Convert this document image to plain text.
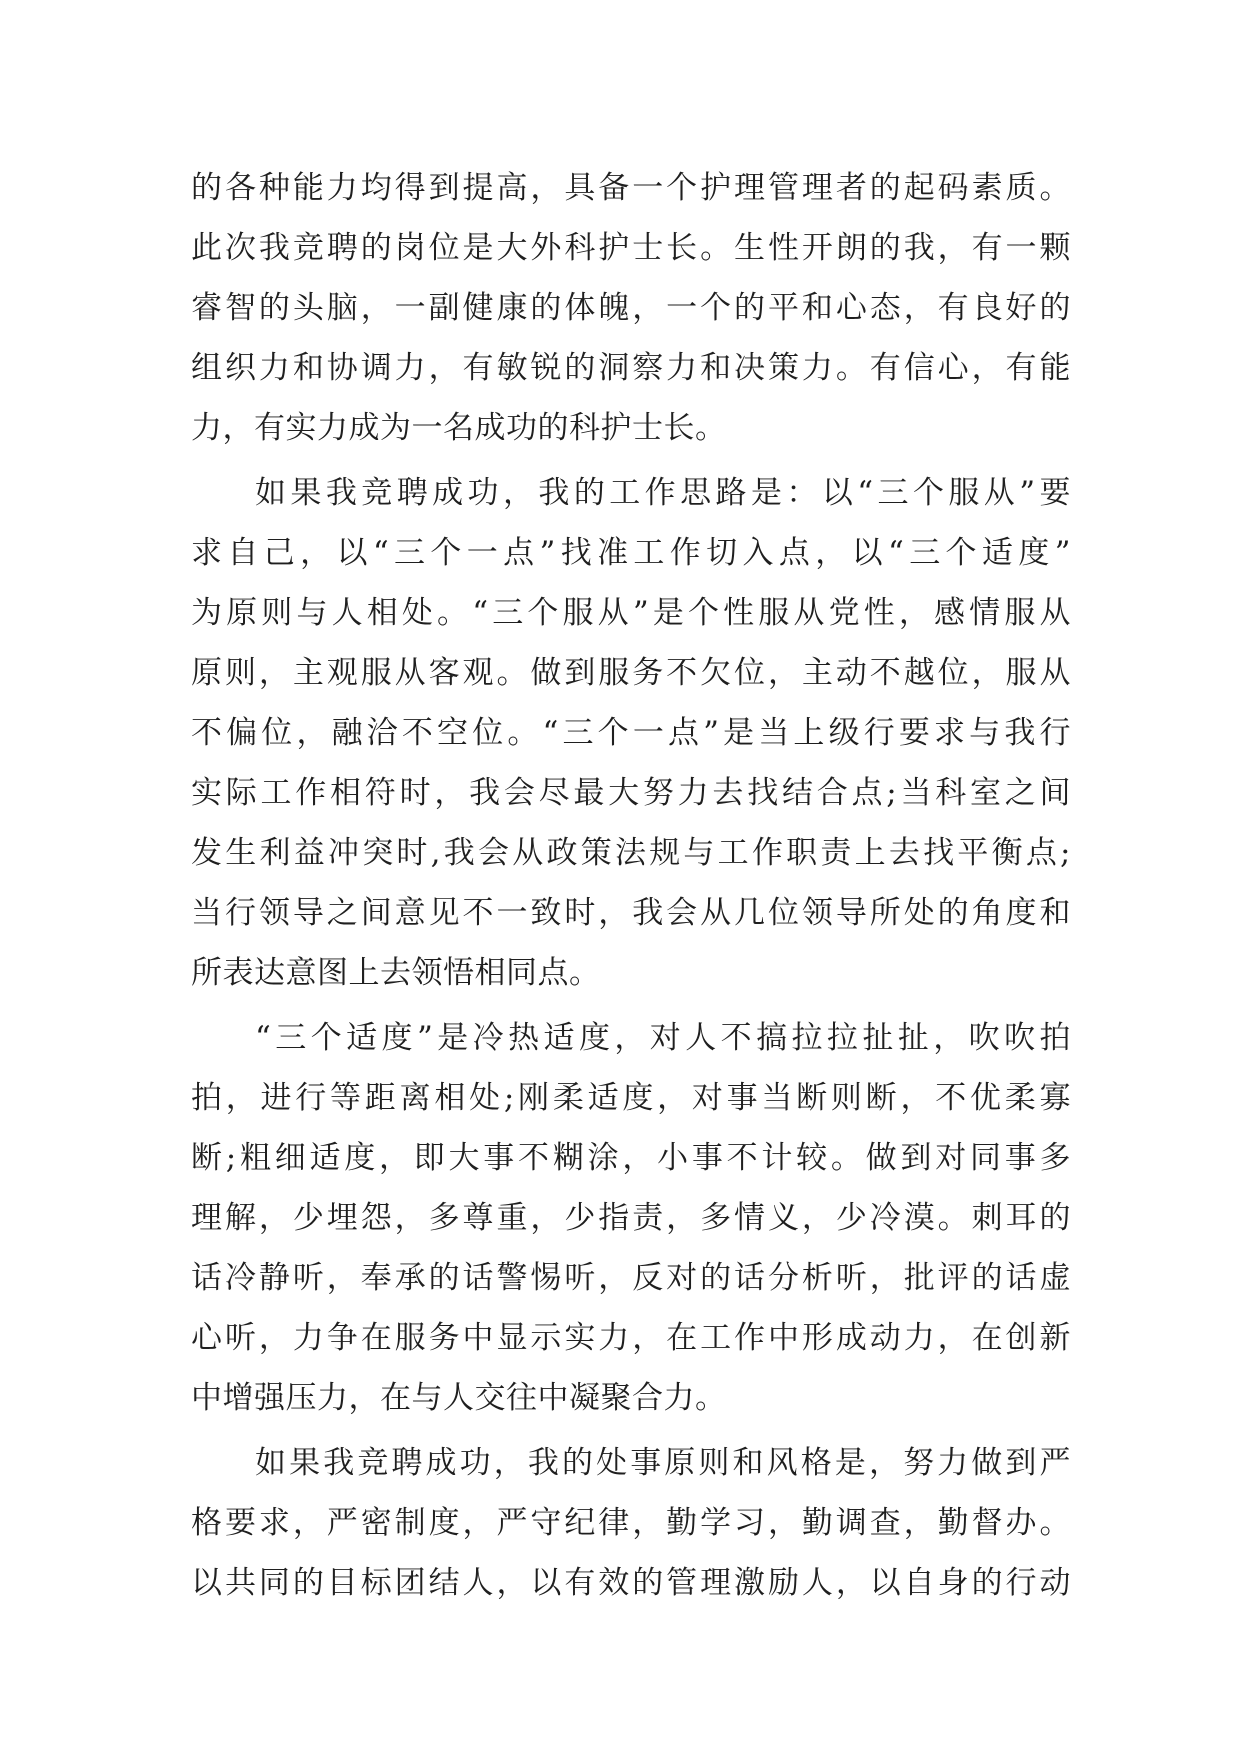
的各种能力均得到提高，具备一个护理管理者的起码素质。
此次我竞聘的岗位是大外科护士长。生性开朗的我，有一颗
睿智的头脑，一副健康的体魄，一个的平和心态，有良好的
组织力和协调力，有敏锐的洞察力和决策力。有信心，有能
力，有实力成为一名成功的科护士长。
如果我竞聘成功，我的工作思路是：以“三个服从”要
求自己，以“三个一点”找准工作切入点，以“三个适度”
为原则与人相处。“三个服从”是个性服从党性，感情服从
原则，主观服从客观。做到服务不欠位，主动不越位，服从
不偏位，融洽不空位。“三个一点”是当上级行要求与我行
实际工作相符时，我会尽最大努力去找结合点;当科室之间
发生利益冲突时,我会从政策法规与工作职责上去找平衡点;
当行领导之间意见不一致时，我会从几位领导所处的角度和
所表达意图上去领悟相同点。
“三个适度”是冷热适度，对人不搞拉拉扯扯，吹吹拍
拍，进行等距离相处;刚柔适度，对事当断则断，不优柔寡
断;粗细适度，即大事不糊涂，小事不计较。做到对同事多
理解，少埋怨，多尊重，少指责，多情义，少冷漠。刺耳的
话冷静听，奉承的话警惕听，反对的话分析听，批评的话虚
心听，力争在服务中显示实力，在工作中形成动力，在创新
中增强压力，在与人交往中凝聚合力。
如果我竞聘成功，我的处事原则和风格是，努力做到严
格要求，严密制度，严守纪律，勤学习，勤调查，勤督办。
以共同的目标团结人，以有效的管理激励人，以自身的行动
